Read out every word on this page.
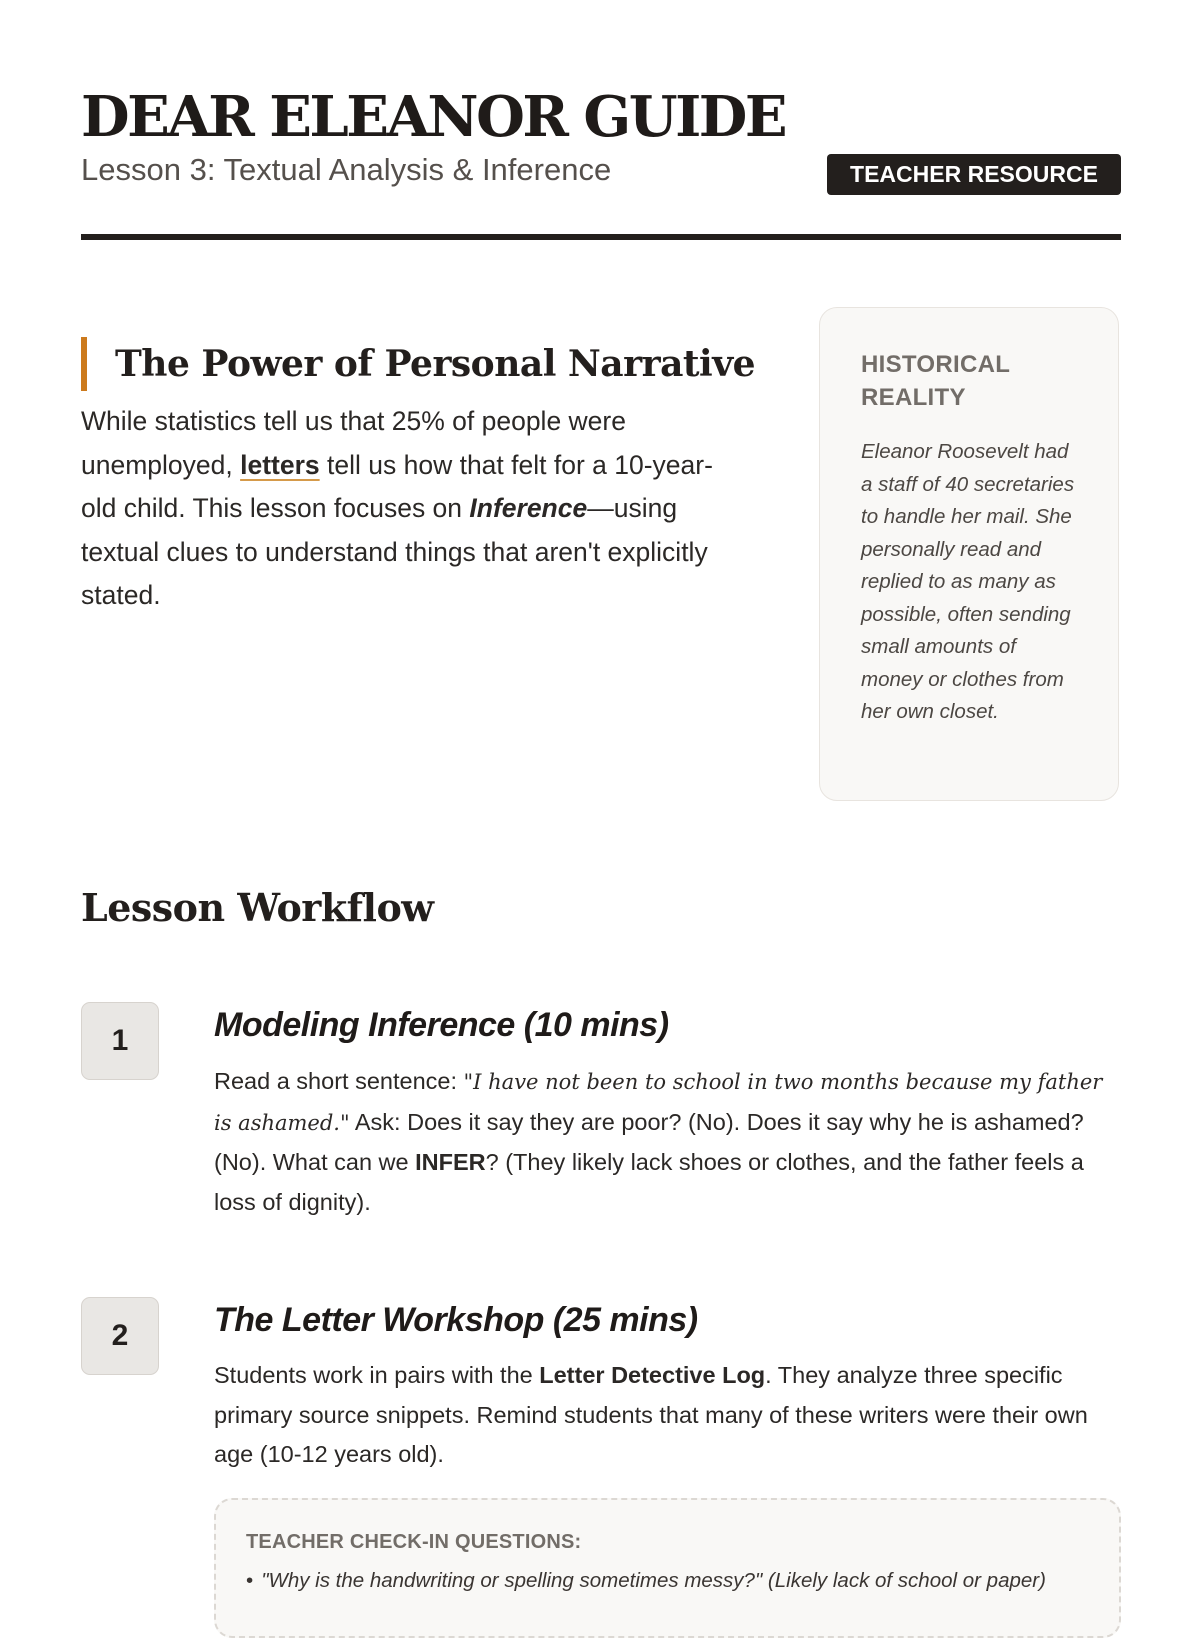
DEAR ELEANOR GUIDE
Lesson 3: Textual Analysis & Inference	TEACHER RESOURCE
The Power of Personal Narrative

While statistics tell us that 25% of people were unemployed, letters tell us how that felt for a 10-year-old child. This lesson focuses on Inference—using textual clues to understand things that aren't explicitly stated.

HISTORICAL REALITY

Eleanor Roosevelt had a staff of 40 secretaries to handle her mail. She personally read and replied to as many as possible, often sending small amounts of money or clothes from her own closet.

Lesson Workflow
1	Modeling Inference (10 mins)

Read a short sentence: "I have not been to school in two months because my father is ashamed." Ask: Does it say they are poor? (No). Does it say why he is ashamed? (No). What can we INFER? (They likely lack shoes or clothes, and the father feels a loss of dignity).

2	The Letter Workshop (25 mins)

Students work in pairs with the Letter Detective Log. They analyze three specific primary source snippets. Remind students that many of these writers were their own age (10-12 years old).

TEACHER CHECK-IN QUESTIONS:

• "Why is the handwriting or spelling sometimes messy?" (Likely lack of school or paper)
